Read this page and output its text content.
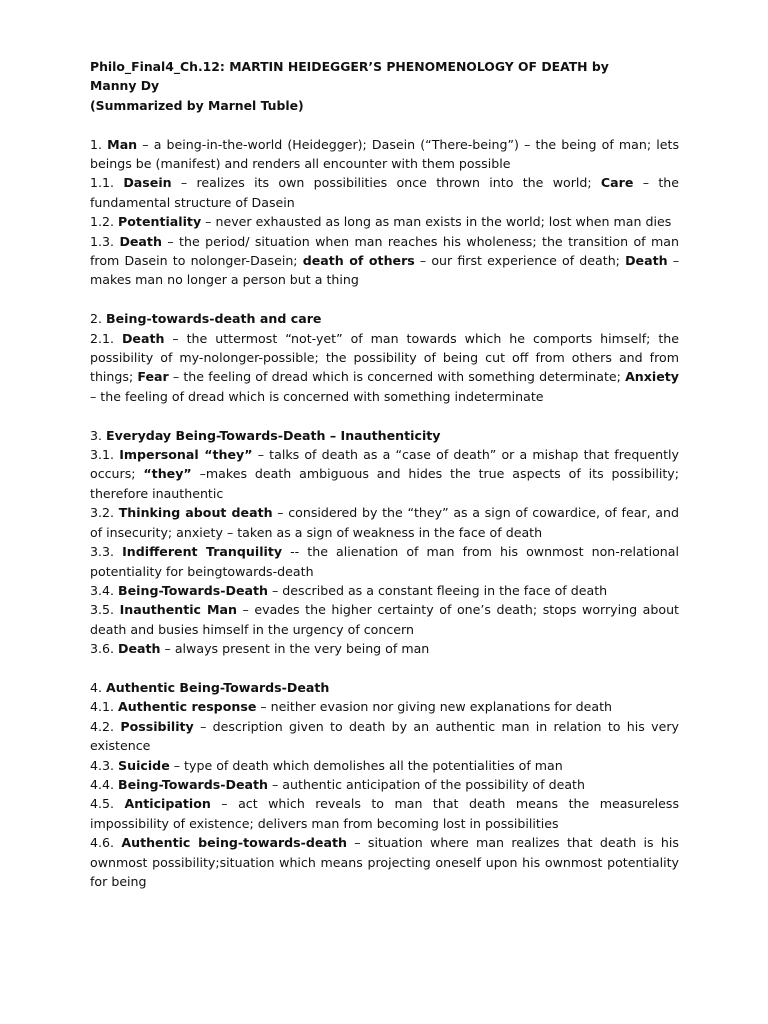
Philo_Final4_Ch.12: MARTIN HEIDEGGER’S PHENOMENOLOGY OF DEATH by
Manny Dy
(Summarized by Marnel Tuble)

1. Man – a being-in-the-world (Heidegger); Dasein (“There-being”) – the being of man; lets beings be (manifest) and renders all encounter with them possible

1.1. Dasein – realizes its own possibilities once thrown into the world; Care – the fundamental structure of Dasein

1.2. Potentiality – never exhausted as long as man exists in the world; lost when man dies

1.3. Death – the period/ situation when man reaches his wholeness; the transition of man from Dasein to nolonger-Dasein; death of others – our first experience of death; Death – makes man no longer a person but a thing

2. Being-towards-death and care

2.1. Death – the uttermost “not-yet” of man towards which he comports himself; the possibility of my-nolonger-possible; the possibility of being cut off from others and from things; Fear – the feeling of dread which is concerned with something determinate; Anxiety – the feeling of dread which is concerned with something indeterminate

3. Everyday Being-Towards-Death – Inauthenticity

3.1. Impersonal “they” – talks of death as a “case of death” or a mishap that frequently occurs; “they” –makes death ambiguous and hides the true aspects of its possibility; therefore inauthentic

3.2. Thinking about death – considered by the “they” as a sign of cowardice, of fear, and of insecurity; anxiety – taken as a sign of weakness in the face of death

3.3. Indifferent Tranquility -- the alienation of man from his ownmost non-relational potentiality for beingtowards-death

3.4. Being-Towards-Death – described as a constant fleeing in the face of death

3.5. Inauthentic Man – evades the higher certainty of one’s death; stops worrying about death and busies himself in the urgency of concern

3.6. Death – always present in the very being of man

4. Authentic Being-Towards-Death

4.1. Authentic response – neither evasion nor giving new explanations for death

4.2. Possibility – description given to death by an authentic man in relation to his very existence

4.3. Suicide – type of death which demolishes all the potentialities of man

4.4. Being-Towards-Death – authentic anticipation of the possibility of death

4.5. Anticipation – act which reveals to man that death means the measureless impossibility of existence; delivers man from becoming lost in possibilities

4.6. Authentic being-towards-death – situation where man realizes that death is his ownmost possibility;situation which means projecting oneself upon his ownmost potentiality for being
